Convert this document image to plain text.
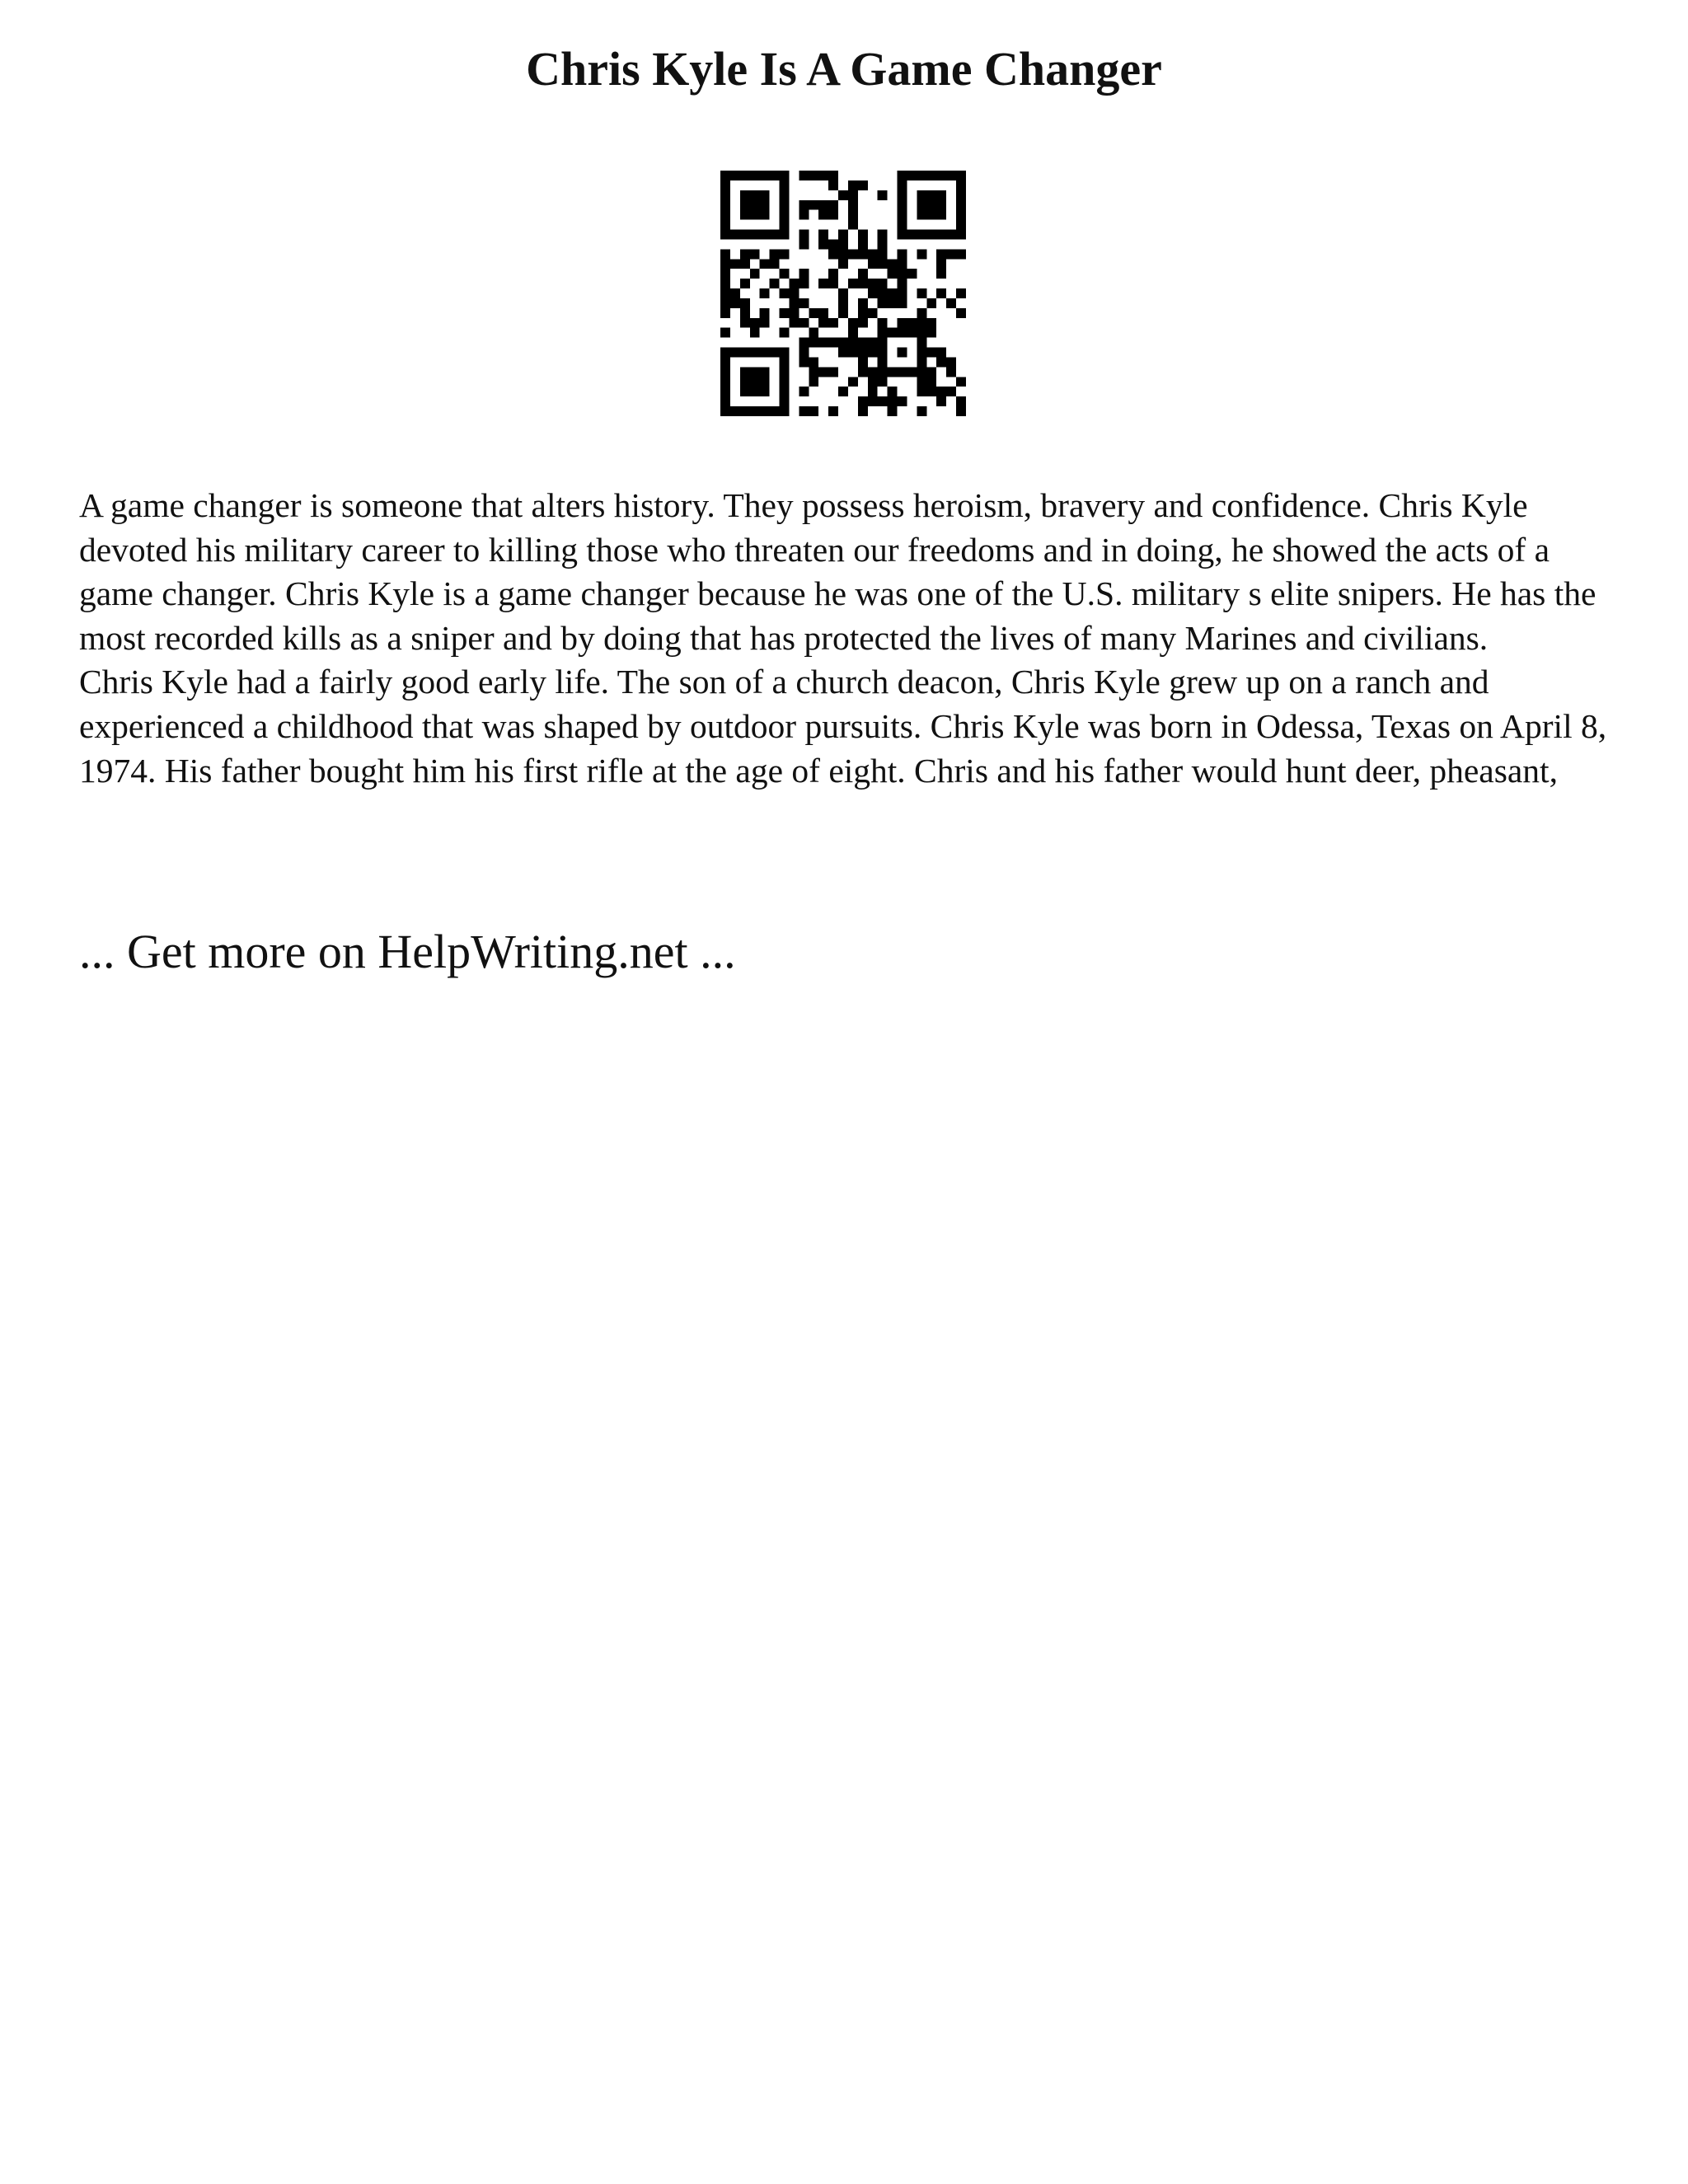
Chris Kyle Is A Game Changer

A game changer is someone that alters history. They possess heroism, bravery and confidence. Chris Kyle devoted his military career to killing those who threaten our freedoms and in doing, he showed the acts of a game changer. Chris Kyle is a game changer because he was one of the U.S. military s elite snipers. He has the most recorded kills as a sniper and by doing that has protected the lives of many Marines and civilians.

Chris Kyle had a fairly good early life. The son of a church deacon, Chris Kyle grew up on a ranch and experienced a childhood that was shaped by outdoor pursuits. Chris Kyle was born in Odessa, Texas on April 8, 1974. His father bought him his first rifle at the age of eight. Chris and his father would hunt deer, pheasant,

... Get more on HelpWriting.net ...
